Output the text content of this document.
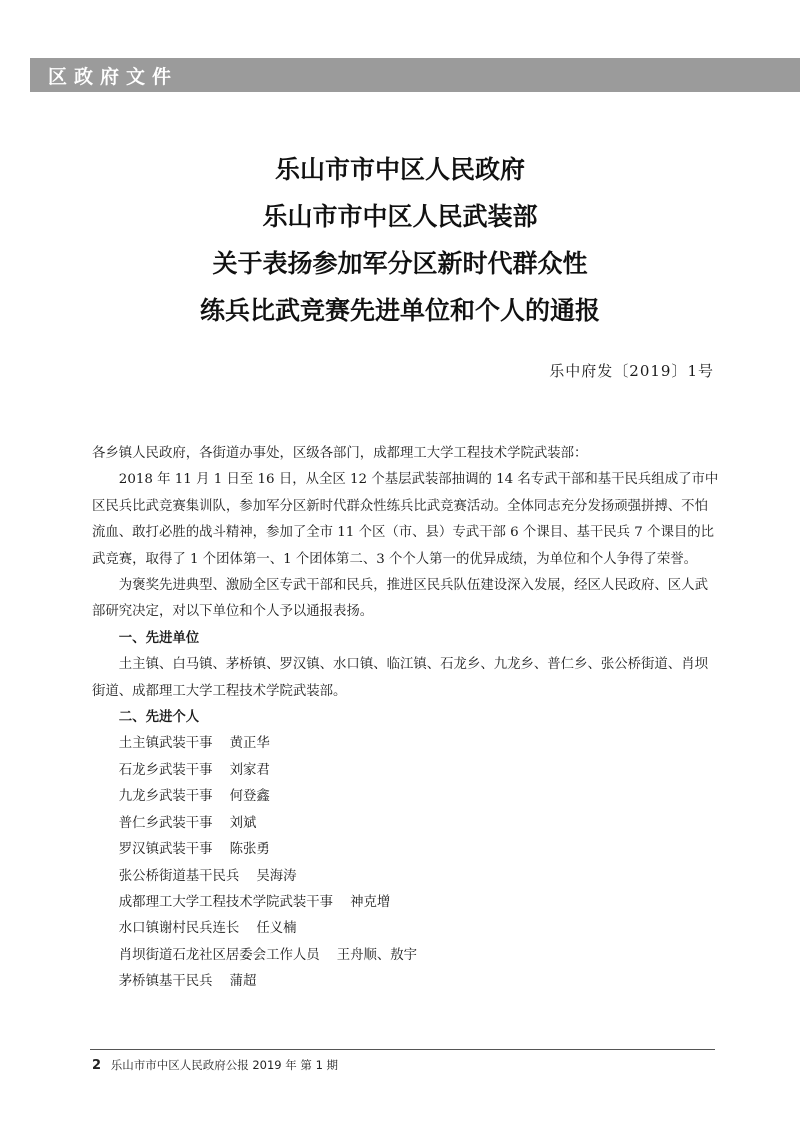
区政府文件
乐山市市中区人民政府
乐山市市中区人民武装部
关于表扬参加军分区新时代群众性
练兵比武竞赛先进单位和个人的通报
乐中府发〔2019〕1号

各乡镇人民政府，各街道办事处，区级各部门，成都理工大学工程技术学院武装部：

2018 年 11 月 1 日至 16 日，从全区 12 个基层武装部抽调的 14 名专武干部和基干民兵组成了市中区民兵比武竞赛集训队，参加军分区新时代群众性练兵比武竞赛活动。全体同志充分发扬顽强拼搏、不怕流血、敢打必胜的战斗精神，参加了全市 11 个区（市、县）专武干部 6 个课目、基干民兵 7 个课目的比武竞赛，取得了 1 个团体第一、1 个团体第二、3 个个人第一的优异成绩，为单位和个人争得了荣誉。

为褒奖先进典型、激励全区专武干部和民兵，推进区民兵队伍建设深入发展，经区人民政府、区人武部研究决定，对以下单位和个人予以通报表扬。

一、先进单位

土主镇、白马镇、茅桥镇、罗汉镇、水口镇、临江镇、石龙乡、九龙乡、普仁乡、张公桥街道、肖坝街道、成都理工大学工程技术学院武装部。

二、先进个人

土主镇武装干事 黄正华

石龙乡武装干事 刘家君

九龙乡武装干事 何登鑫

普仁乡武装干事 刘斌

罗汉镇武装干事 陈张勇

张公桥街道基干民兵 吴海涛

成都理工大学工程技术学院武装干事 神克增

水口镇谢村民兵连长 任义楠

肖坝街道石龙社区居委会工作人员 王舟顺、敖宇

茅桥镇基干民兵 蒲超

2 乐山市市中区人民政府公报 2019 年 第 1 期
